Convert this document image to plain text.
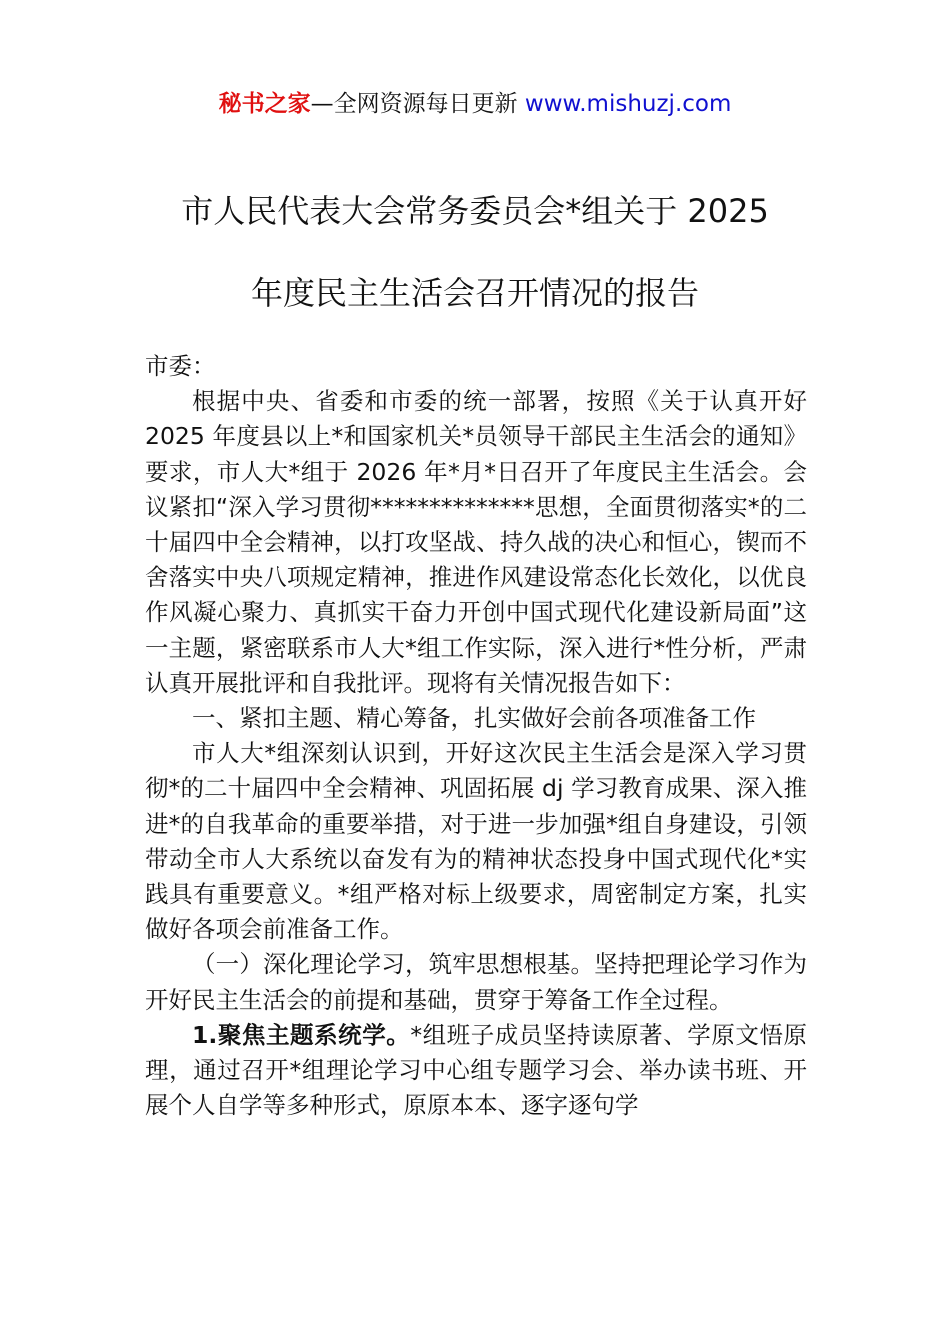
秘书之家—全网资源每日更新 www.mishuzj.com
市人民代表大会常务委员会*组关于 2025
年度民主生活会召开情况的报告

市委：

根据中央、省委和市委的统一部署，按照《关于认真开好 2025 年度县以上*和国家机关*员领导干部民主生活会的通知》要求，市人大*组于 2026 年*月*日召开了年度民主生活会。会议紧扣“深入学习贯彻**************思想，全面贯彻落实*的二十届四中全会精神，以打攻坚战、持久战的决心和恒心，锲而不舍落实中央八项规定精神，推进作风建设常态化长效化，以优良作风凝心聚力、真抓实干奋力开创中国式现代化建设新局面”这一主题，紧密联系市人大*组工作实际，深入进行*性分析，严肃认真开展批评和自我批评。现将有关情况报告如下：

一、紧扣主题、精心筹备，扎实做好会前各项准备工作

市人大*组深刻认识到，开好这次民主生活会是深入学习贯彻*的二十届四中全会精神、巩固拓展 dj 学习教育成果、深入推进*的自我革命的重要举措，对于进一步加强*组自身建设，引领带动全市人大系统以奋发有为的精神状态投身中国式现代化*实践具有重要意义。*组严格对标上级要求，周密制定方案，扎实做好各项会前准备工作。

（一）深化理论学习，筑牢思想根基。坚持把理论学习作为开好民主生活会的前提和基础，贯穿于筹备工作全过程。

1.聚焦主题系统学。*组班子成员坚持读原著、学原文悟原理，通过召开*组理论学习中心组专题学习会、举办读书班、开展个人自学等多种形式，原原本本、逐字逐句学
